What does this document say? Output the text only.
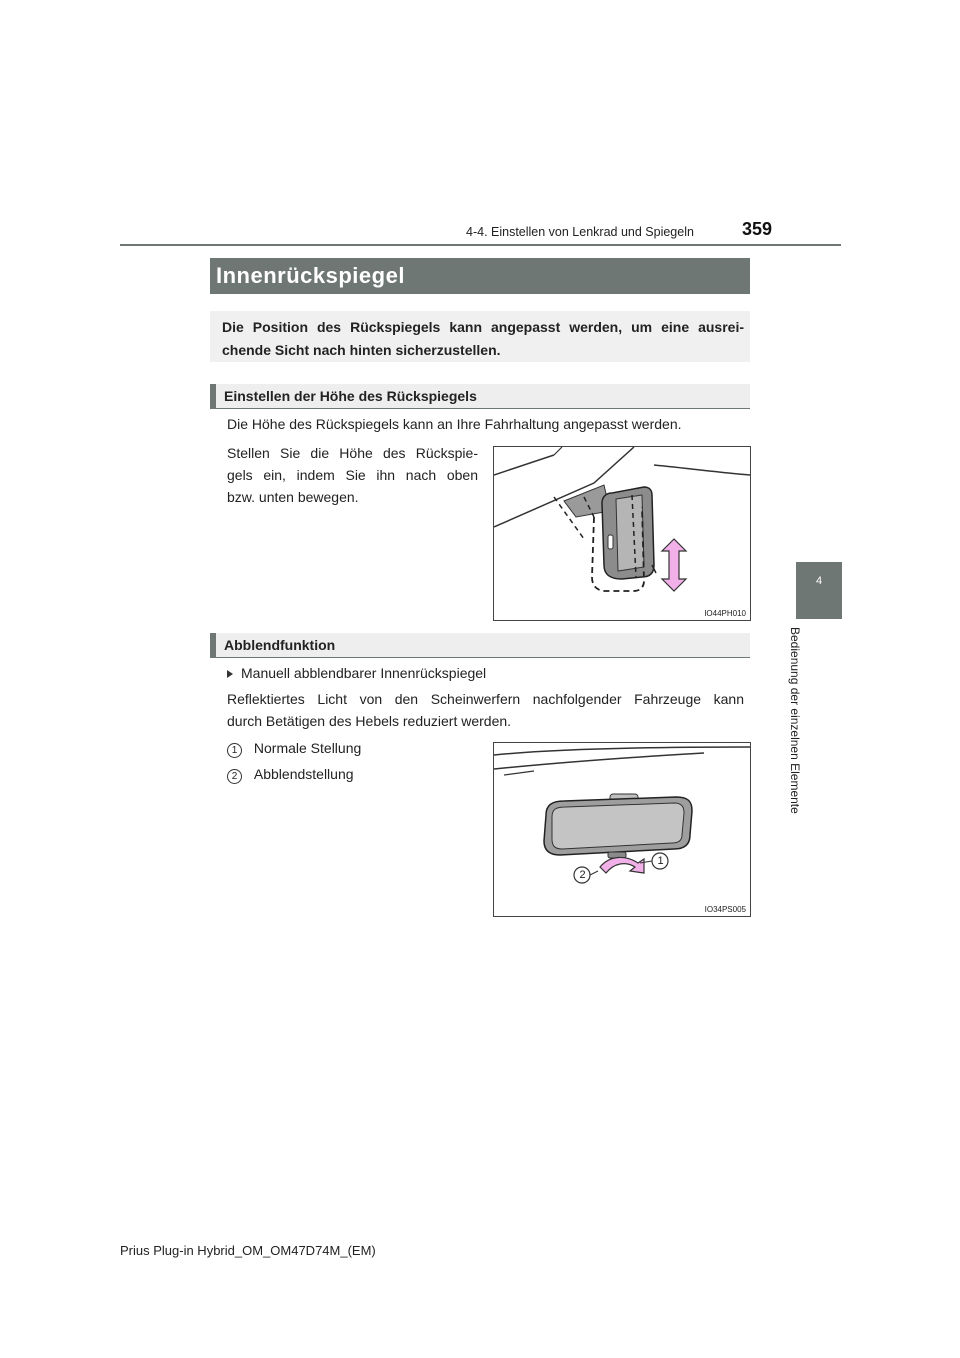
4-4. Einstellen von Lenkrad und Spiegeln	359
4
Bedienung der einzelnen Elemente
Innenrückspiegel
Die Position des Rückspiegels kann angepasst werden, um eine ausrei-
chende Sicht nach hinten sicherzustellen.
Einstellen der Höhe des Rückspiegels
Die Höhe des Rückspiegels kann an Ihre Fahrhaltung angepasst werden.
Stellen Sie die Höhe des Rückspie-
gels ein, indem Sie ihn nach oben
bzw. unten bewegen.
IO44PH010
Abblendfunktion
Manuell abblendbarer Innenrückspiegel
Reflektiertes Licht von den Scheinwerfern nachfolgender Fahrzeuge kann
durch Betätigen des Hebels reduziert werden.
1 Normale Stellung
2 Abblendstellung
2
1
IO34PS005
Prius Plug-in Hybrid_OM_OM47D74M_(EM)
